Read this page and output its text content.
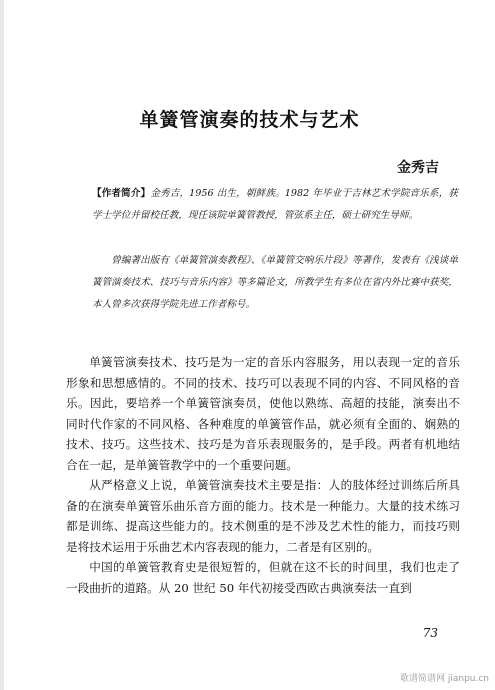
单簧管演奏的技术与艺术
金秀吉

【作者简介】金秀吉，1956 出生，朝鲜族。1982 年毕业于吉林艺术学院音乐系，获学士学位并留校任教，现任该院单簧管教授，管弦系主任，硕士研究生导师。

曾编著出版有《单簧管演奏教程》、《单簧管交响乐片段》等著作，发表有《浅谈单簧管演奏技术、技巧与音乐内容》等多篇论文，所教学生有多位在省内外比赛中获奖，本人曾多次获得学院先进工作者称号。

单簧管演奏技术、技巧是为一定的音乐内容服务，用以表现一定的音乐形象和思想感情的。不同的技术、技巧可以表现不同的内容、不同风格的音乐。因此，要培养一个单簧管演奏员，使他以熟练、高超的技能，演奏出不同时代作家的不同风格、各种难度的单簧管作品，就必须有全面的、娴熟的技术、技巧。这些技术、技巧是为音乐表现服务的，是手段。两者有机地结合在一起，是单簧管教学中的一个重要问题。

从严格意义上说，单簧管演奏技术主要是指：人的肢体经过训练后所具备的在演奏单簧管乐曲乐音方面的能力。技术是一种能力。大量的技术练习都是训练、提高这些能力的。技术侧重的是不涉及艺术性的能力，而技巧则是将技术运用于乐曲艺术内容表现的能力，二者是有区别的。

中国的单簧管教育史是很短暂的，但就在这不长的时间里，我们也走了一段曲折的道路。从 20 世纪 50 年代初接受西欧古典演奏法一直到

73
歌谱简谱网 jianpu.cn
